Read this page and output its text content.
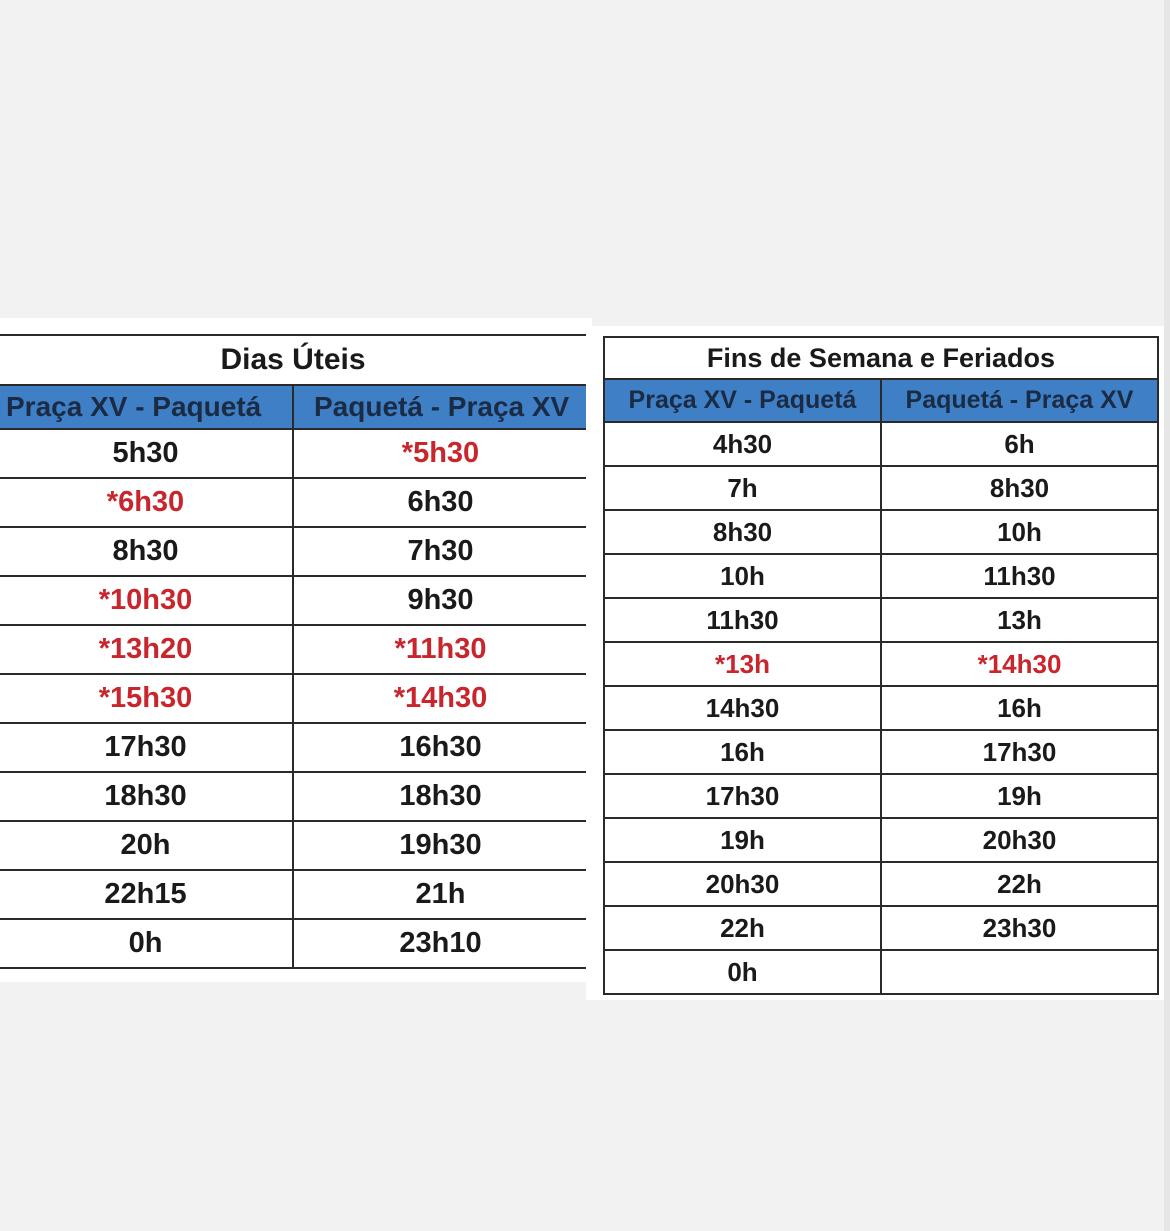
Dias Úteis	
Praça XV - Paquetá	Paquetá - Praça XV
5h30	*5h30
*6h30	6h30
8h30	7h30
*10h30	9h30
*13h20	*11h30
*15h30	*14h30
17h30	16h30
18h30	18h30
20h	19h30
22h15	21h
0h	23h10
Fins de Semana e Feriados	
Praça XV - Paquetá	Paquetá - Praça XV
4h30	6h
7h	8h30
8h30	10h
10h	11h30
11h30	13h
*13h	*14h30
14h30	16h
16h	17h30
17h30	19h
19h	20h30
20h30	22h
22h	23h30
0h	
